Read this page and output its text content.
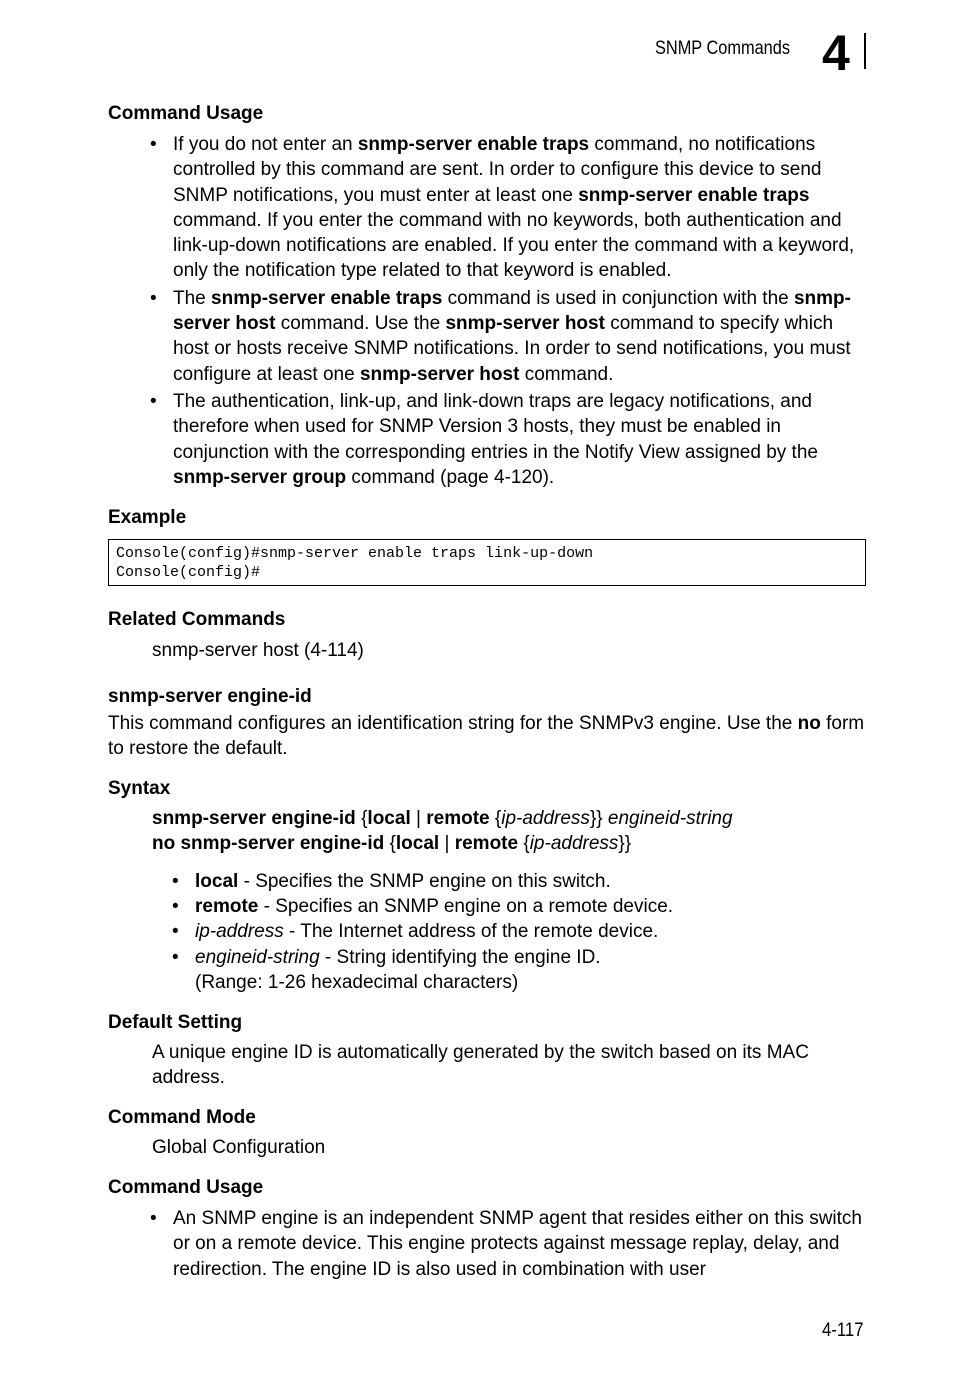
SNMP Commands 4
Command Usage
• If you do not enter an snmp-server enable traps command, no notifications controlled by this command are sent. In order to configure this device to send SNMP notifications, you must enter at least one snmp-server enable traps command. If you enter the command with no keywords, both authentication and link-up-down notifications are enabled. If you enter the command with a keyword, only the notification type related to that keyword is enabled.
• The snmp-server enable traps command is used in conjunction with the snmp-server host command. Use the snmp-server host command to specify which host or hosts receive SNMP notifications. In order to send notifications, you must configure at least one snmp-server host command.
• The authentication, link-up, and link-down traps are legacy notifications, and therefore when used for SNMP Version 3 hosts, they must be enabled in conjunction with the corresponding entries in the Notify View assigned by the snmp-server group command (page 4-120).
Example
Console(config)#snmp-server enable traps link-up-down
Console(config)#
Related Commands
snmp-server host (4-114)
snmp-server engine-id
This command configures an identification string for the SNMPv3 engine. Use the no form to restore the default.
Syntax
snmp-server engine-id {local | remote {ip-address}} engineid-string
no snmp-server engine-id {local | remote {ip-address}}
• local - Specifies the SNMP engine on this switch.
• remote - Specifies an SNMP engine on a remote device.
• ip-address - The Internet address of the remote device.
• engineid-string - String identifying the engine ID.
(Range: 1-26 hexadecimal characters)
Default Setting
A unique engine ID is automatically generated by the switch based on its MAC address.
Command Mode
Global Configuration
Command Usage
• An SNMP engine is an independent SNMP agent that resides either on this switch or on a remote device. This engine protects against message replay, delay, and redirection. The engine ID is also used in combination with user
4-117
